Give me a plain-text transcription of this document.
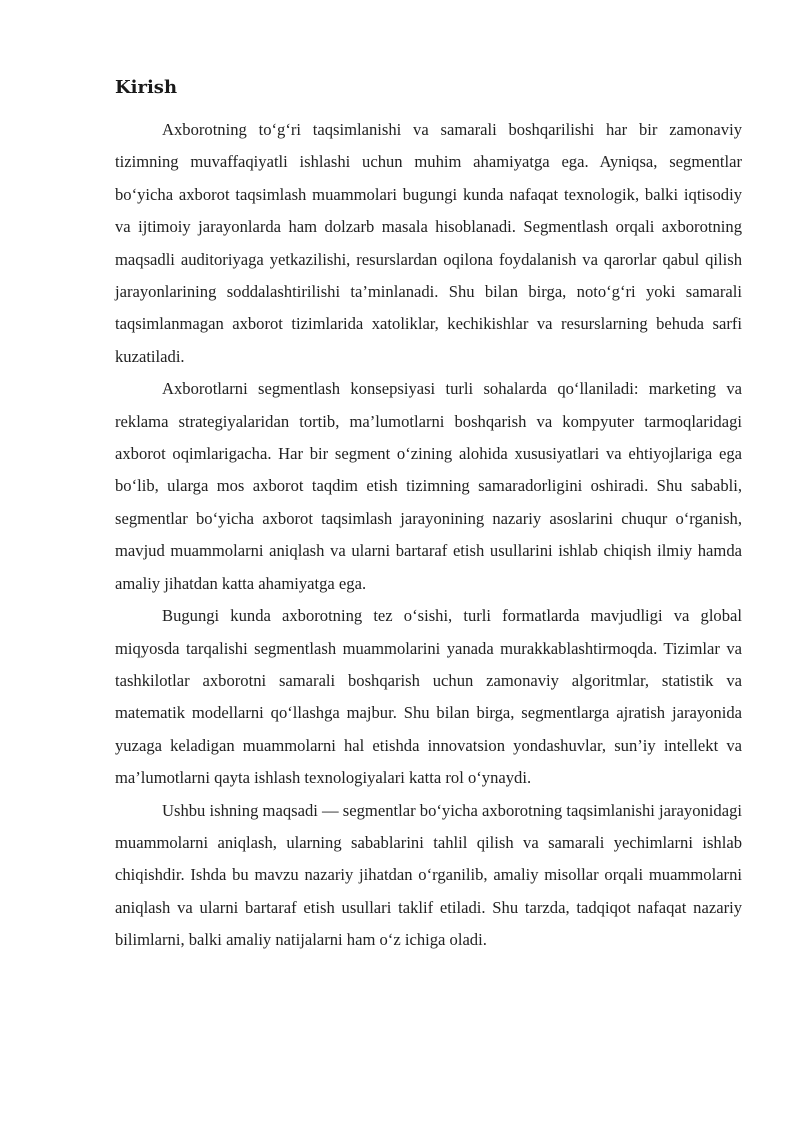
Kirish

Axborotning to‘g‘ri taqsimlanishi va samarali boshqarilishi har bir zamonaviy tizimning muvaffaqiyatli ishlashi uchun muhim ahamiyatga ega. Ayniqsa, segmentlar bo‘yicha axborot taqsimlash muammolari bugungi kunda nafaqat texnologik, balki iqtisodiy va ijtimoiy jarayonlarda ham dolzarb masala hisoblanadi. Segmentlash orqali axborotning maqsadli auditoriyaga yetkazilishi, resurslardan oqilona foydalanish va qarorlar qabul qilish jarayonlarining soddalashtirilishi ta’minlanadi. Shu bilan birga, noto‘g‘ri yoki samarali taqsimlanmagan axborot tizimlarida xatoliklar, kechikishlar va resurslarning behuda sarfi kuzatiladi.

Axborotlarni segmentlash konsepsiyasi turli sohalarda qo‘llaniladi: marketing va reklama strategiyalaridan tortib, ma’lumotlarni boshqarish va kompyuter tarmoqlaridagi axborot oqimlarigacha. Har bir segment o‘zining alohida xususiyatlari va ehtiyojlariga ega bo‘lib, ularga mos axborot taqdim etish tizimning samaradorligini oshiradi. Shu sababli, segmentlar bo‘yicha axborot taqsimlash jarayonining nazariy asoslarini chuqur o‘rganish, mavjud muammolarni aniqlash va ularni bartaraf etish usullarini ishlab chiqish ilmiy hamda amaliy jihatdan katta ahamiyatga ega.

Bugungi kunda axborotning tez o‘sishi, turli formatlarda mavjudligi va global miqyosda tarqalishi segmentlash muammolarini yanada murakkablashtirmoqda. Tizimlar va tashkilotlar axborotni samarali boshqarish uchun zamonaviy algoritmlar, statistik va matematik modellarni qo‘llashga majbur. Shu bilan birga, segmentlarga ajratish jarayonida yuzaga keladigan muammolarni hal etishda innovatsion yondashuvlar, sun’iy intellekt va ma’lumotlarni qayta ishlash texnologiyalari katta rol o‘ynaydi.

Ushbu ishning maqsadi — segmentlar bo‘yicha axborotning taqsimlanishi jarayonidagi muammolarni aniqlash, ularning sabablarini tahlil qilish va samarali yechimlarni ishlab chiqishdir. Ishda bu mavzu nazariy jihatdan o‘rganilib, amaliy misollar orqali muammolarni aniqlash va ularni bartaraf etish usullari taklif etiladi. Shu tarzda, tadqiqot nafaqat nazariy bilimlarni, balki amaliy natijalarni ham o‘z ichiga oladi.
